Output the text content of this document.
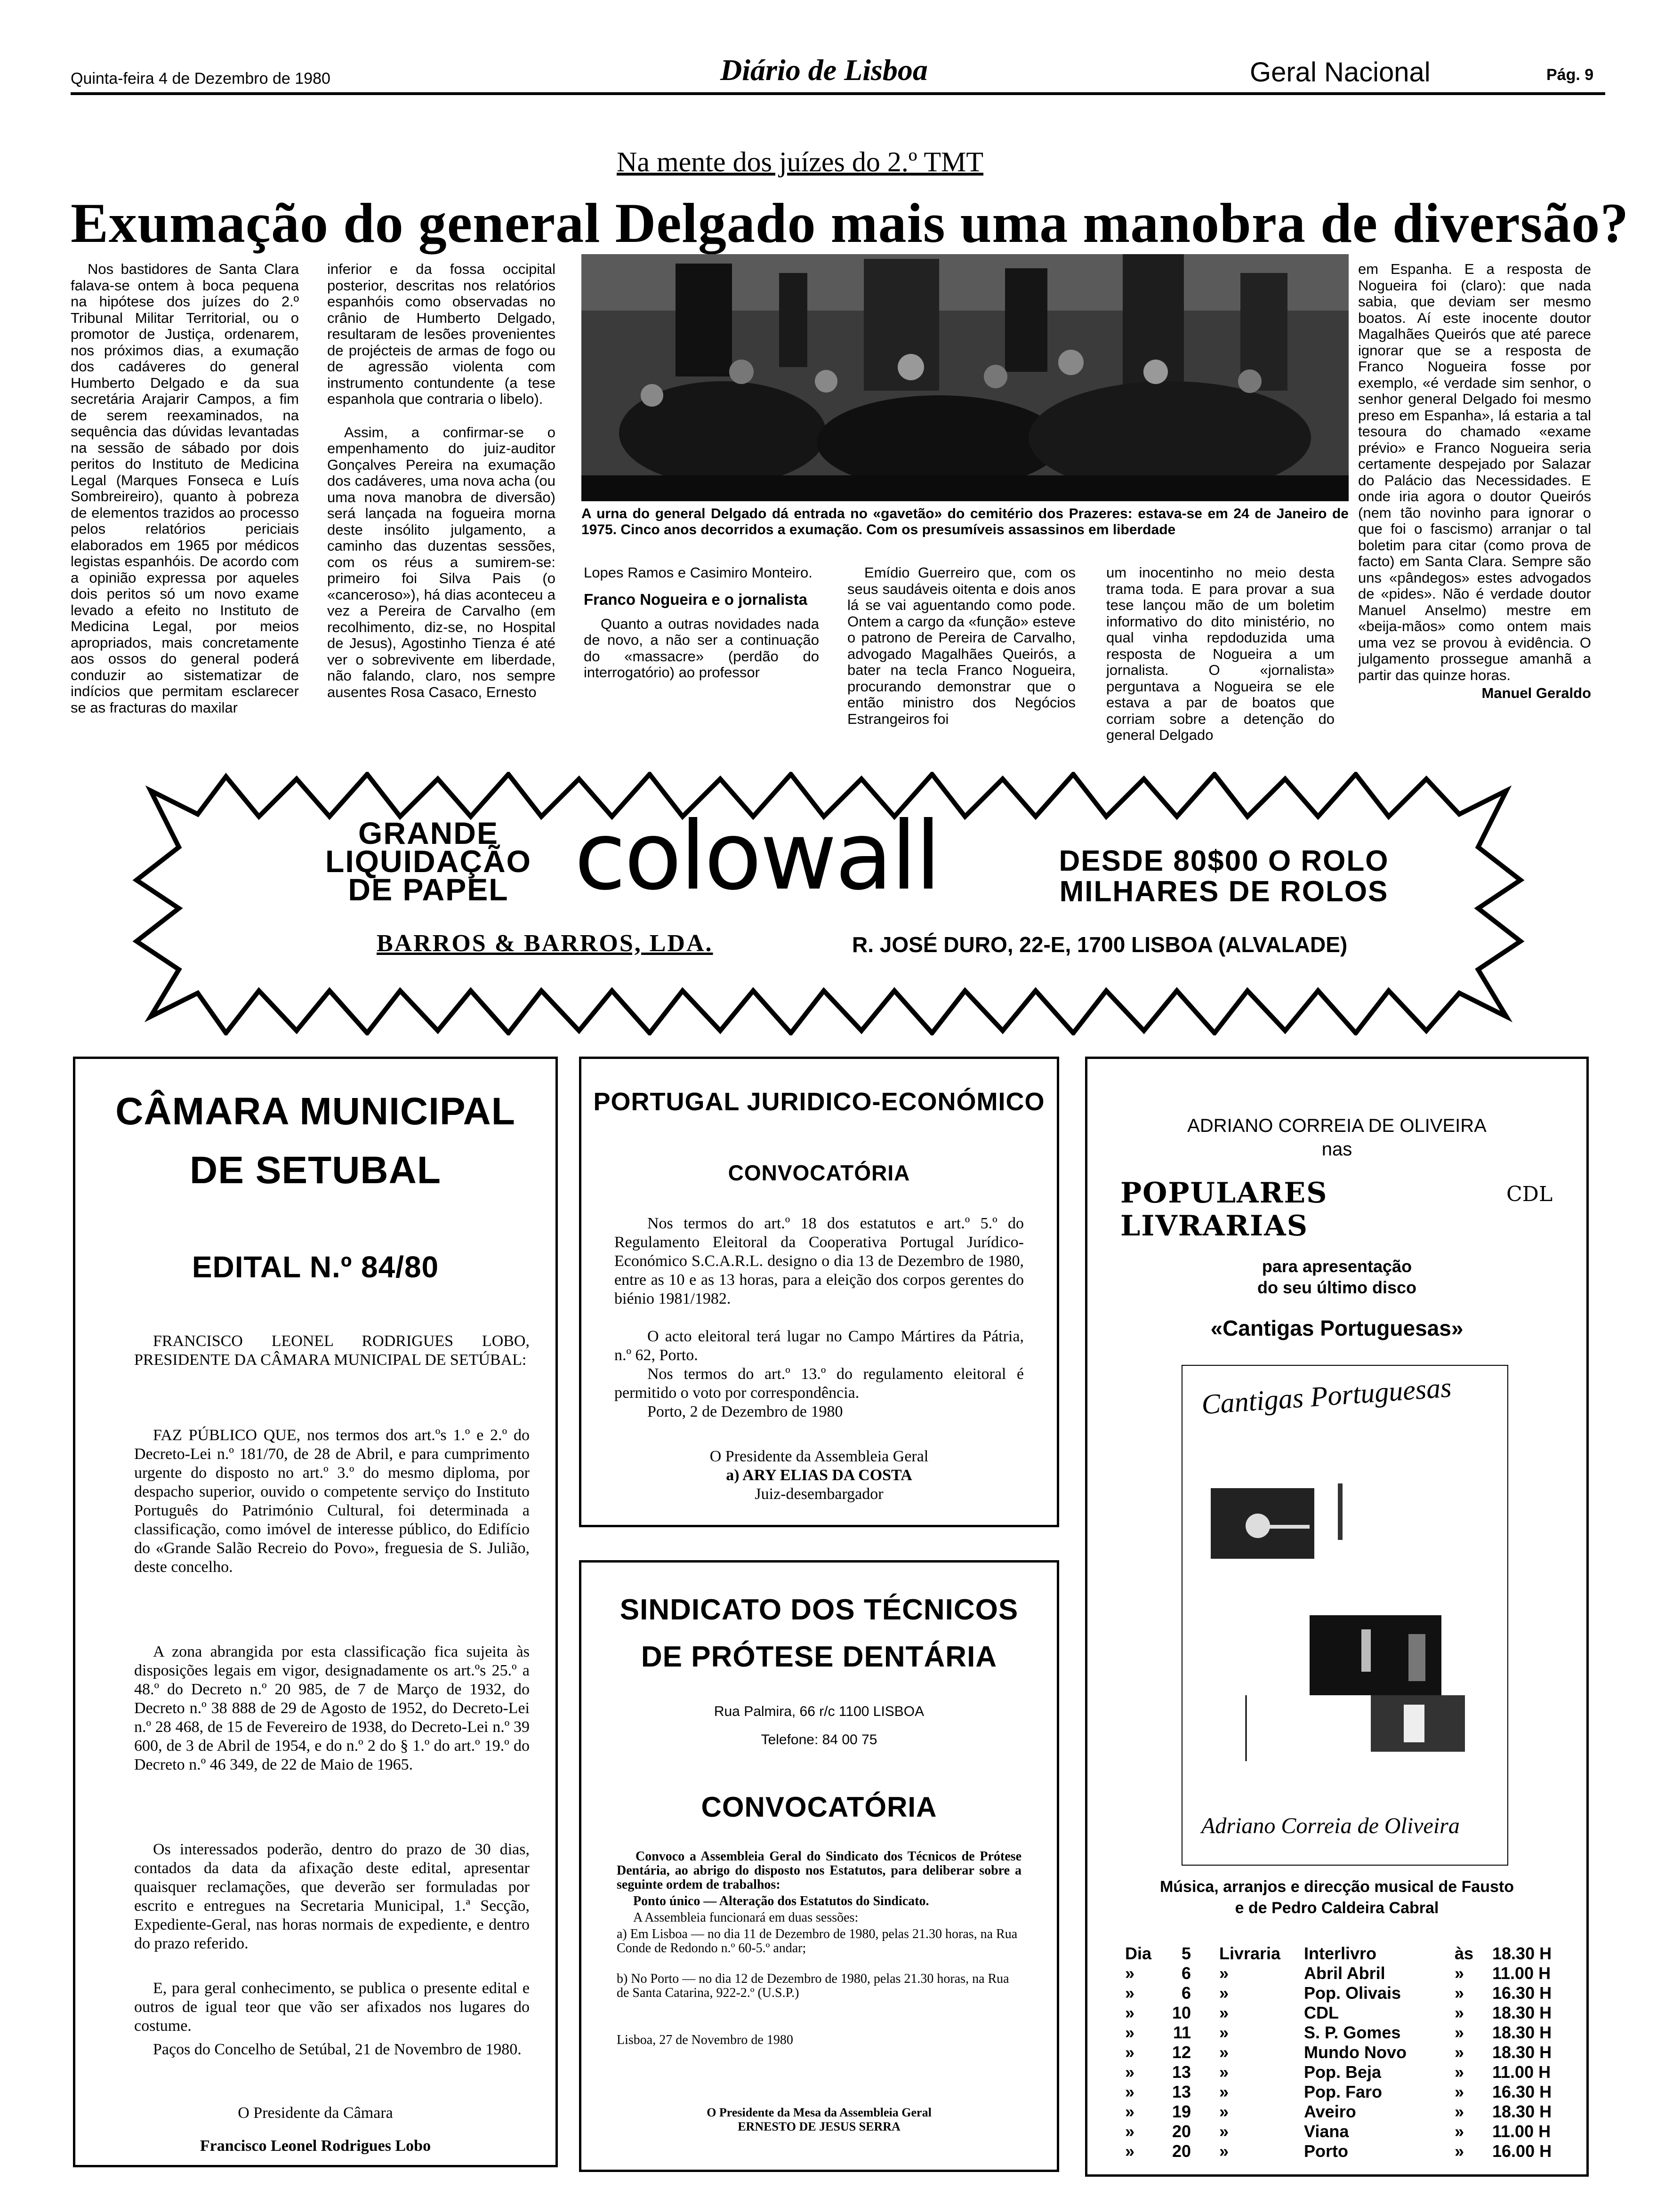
Quinta-feira 4 de Dezembro de 1980	Diário de Lisboa	Geral Nacional	Pág. 9
Na mente dos juízes do 2.º TMT
Exumação do general Delgado mais uma manobra de diversão?

Nos bastidores de Santa Clara falava-se ontem à boca pequena na hipótese dos juízes do 2.º Tribunal Militar Territorial, ou o promotor de Justiça, ordenarem, nos próximos dias, a exumação dos cadáveres do general Humberto Delgado e da sua secretária Arajarir Campos, a fim de serem reexaminados, na sequência das dúvidas levantadas na sessão de sábado por dois peritos do Instituto de Medicina Legal (Marques Fonseca e Luís Sombreireiro), quanto à pobreza de elementos trazidos ao processo pelos relatórios periciais elaborados em 1965 por médicos legistas espanhóis. De acordo com a opinião expressa por aqueles dois peritos só um novo exame levado a efeito no Instituto de Medicina Legal, por meios apropriados, mais concretamente aos ossos do general poderá conduzir ao sistematizar de indícios que permitam esclarecer se as fracturas do maxilar

inferior e da fossa occipital posterior, descritas nos relatórios espanhóis como observadas no crânio de Humberto Delgado, resultaram de lesões provenientes de projécteis de armas de fogo ou de agressão violenta com instrumento contundente (a tese espanhola que contraria o libelo).

Assim, a confirmar-se o empenhamento do juiz-auditor Gonçalves Pereira na exumação dos cadáveres, uma nova acha (ou uma nova manobra de diversão) será lançada na fogueira morna deste insólito julgamento, a caminho das duzentas sessões, com os réus a sumirem-se: primeiro foi Silva Pais (o «canceroso»), há dias aconteceu a vez a Pereira de Carvalho (em recolhimento, diz-se, no Hospital de Jesus), Agostinho Tienza é até ver o sobrevivente em liberdade, não falando, claro, nos sempre ausentes Rosa Casaco, Ernesto

A urna do general Delgado dá entrada no «gavetão» do cemitério dos Prazeres: estava-se em 24 de Janeiro de 1975. Cinco anos decorridos a exumação. Com os presumíveis assassinos em liberdade

Lopes Ramos e Casimiro Monteiro.

Franco Nogueira e o jornalista

Quanto a outras novidades nada de novo, a não ser a continuação do «massacre» (perdão do interrogatório) ao professor

Emídio Guerreiro que, com os seus saudáveis oitenta e dois anos lá se vai aguentando como pode. Ontem a cargo da «função» esteve o patrono de Pereira de Carvalho, advogado Magalhães Queirós, a bater na tecla Franco Nogueira, procurando demonstrar que o então ministro dos Negócios Estrangeiros foi

um inocentinho no meio desta trama toda. E para provar a sua tese lançou mão de um boletim informativo do dito ministério, no qual vinha repdoduzida uma resposta de Nogueira a um jornalista. O «jornalista» perguntava a Nogueira se ele estava a par de boatos que corriam sobre a detenção do general Delgado

em Espanha. E a resposta de Nogueira foi (claro): que nada sabia, que deviam ser mesmo boatos. Aí este inocente doutor Magalhães Queirós que até parece ignorar que se a resposta de Franco Nogueira fosse por exemplo, «é verdade sim senhor, o senhor general Delgado foi mesmo preso em Espanha», lá estaria a tal tesoura do chamado «exame prévio» e Franco Nogueira seria certamente despejado por Salazar do Palácio das Necessidades. E onde iria agora o doutor Queirós (nem tão novinho para ignorar o que foi o fascismo) arranjar o tal boletim para citar (como prova de facto) em Santa Clara. Sempre são uns «pândegos» estes advogados de «pides». Não é verdade doutor Manuel Anselmo) mestre em «beija-mãos» como ontem mais uma vez se provou à evidência. O julgamento prossegue amanhã a partir das quinze horas.

Manuel Geraldo

GRANDE
LIQUIDAÇÃO
DE PAPEL colowall	DESDE 80$00 O ROLO
MILHARES DE ROLOS
BARROS & BARROS, LDA.	R. JOSÉ DURO, 22-E, 1700 LISBOA (ALVALADE)
CÂMARA MUNICIPAL
DE SETUBAL
EDITAL N.º 84/80
FRANCISCO LEONEL RODRIGUES LOBO, PRESIDENTE DA CÂMARA MUNICIPAL DE SETÚBAL:
FAZ PÚBLICO QUE, nos termos dos art.ºs 1.º e 2.º do Decreto-Lei n.º 181/70, de 28 de Abril, e para cumprimento urgente do disposto no art.º 3.º do mesmo diploma, por despacho superior, ouvido o competente serviço do Instituto Português do Património Cultural, foi determinada a classificação, como imóvel de interesse público, do Edifício do «Grande Salão Recreio do Povo», freguesia de S. Julião, deste concelho.
A zona abrangida por esta classificação fica sujeita às disposições legais em vigor, designadamente os art.ºs 25.º a 48.º do Decreto n.º 20 985, de 7 de Março de 1932, do Decreto n.º 38 888 de 29 de Agosto de 1952, do Decreto-Lei n.º 28 468, de 15 de Fevereiro de 1938, do Decreto-Lei n.º 39 600, de 3 de Abril de 1954, e do n.º 2 do § 1.º do art.º 19.º do Decreto n.º 46 349, de 22 de Maio de 1965.
Os interessados poderão, dentro do prazo de 30 dias, contados da data da afixação deste edital, apresentar quaisquer reclamações, que deverão ser formuladas por escrito e entregues na Secretaria Municipal, 1.ª Secção, Expediente-Geral, nas horas normais de expediente, e dentro do prazo referido.
E, para geral conhecimento, se publica o presente edital e outros de igual teor que vão ser afixados nos lugares do costume.
Paços do Concelho de Setúbal, 21 de Novembro de 1980.
O Presidente da Câmara
Francisco Leonel Rodrigues Lobo
PORTUGAL JURIDICO-ECONÓMICO
CONVOCATÓRIA
Nos termos do art.º 18 dos estatutos e art.º 5.º do Regulamento Eleitoral da Cooperativa Portugal Jurídico-Económico S.C.A.R.L. designo o dia 13 de Dezembro de 1980, entre as 10 e as 13 horas, para a eleição dos corpos gerentes do biénio 1981/1982.
O acto eleitoral terá lugar no Campo Mártires da Pátria, n.º 62, Porto.
Nos termos do art.º 13.º do regulamento eleitoral é permitido o voto por correspondência.
Porto, 2 de Dezembro de 1980
O Presidente da Assembleia Geral
a) ARY ELIAS DA COSTA
Juiz-desembargador
SINDICATO DOS TÉCNICOS
DE PRÓTESE DENTÁRIA
Rua Palmira, 66 r/c 1100 LISBOA
Telefone: 84 00 75
CONVOCATÓRIA
Convoco a Assembleia Geral do Sindicato dos Técnicos de Prótese Dentária, ao abrigo do disposto nos Estatutos, para deliberar sobre a seguinte ordem de trabalhos:
Ponto único — Alteração dos Estatutos do Sindicato.
A Assembleia funcionará em duas sessões:
a) Em Lisboa — no dia 11 de Dezembro de 1980, pelas 21.30 horas, na Rua Conde de Redondo n.º 60-5.º andar;
b) No Porto — no dia 12 de Dezembro de 1980, pelas 21.30 horas, na Rua de Santa Catarina, 922-2.º (U.S.P.)
Lisboa, 27 de Novembro de 1980
O Presidente da Mesa da Assembleia Geral
ERNESTO DE JESUS SERRA
ADRIANO CORREIA DE OLIVEIRA
nas
POPULARES LIVRARIAS
CDL
para apresentação
do seu último disco
«Cantigas Portuguesas»
Cantigas Portuguesas
Adriano Correia de Oliveira
Música, arranjos e direcção musical de Fausto
e de Pedro Caldeira Cabral
Dia	5 Livraria	Interlivro	às	18.30 H
»	6 »	Abril Abril	»	11.00 H
»	6 »	Pop. Olivais	»	16.30 H
»	10 »	CDL	»	18.30 H
»	11 »	S. P. Gomes	»	18.30 H
»	12 »	Mundo Novo	»	18.30 H
»	13 »	Pop. Beja	»	11.00 H
»	13 »	Pop. Faro	»	16.30 H
»	19 »	Aveiro	»	18.30 H
»	20 »	Viana	»	11.00 H
»	20 »	Porto	»	16.00 H
